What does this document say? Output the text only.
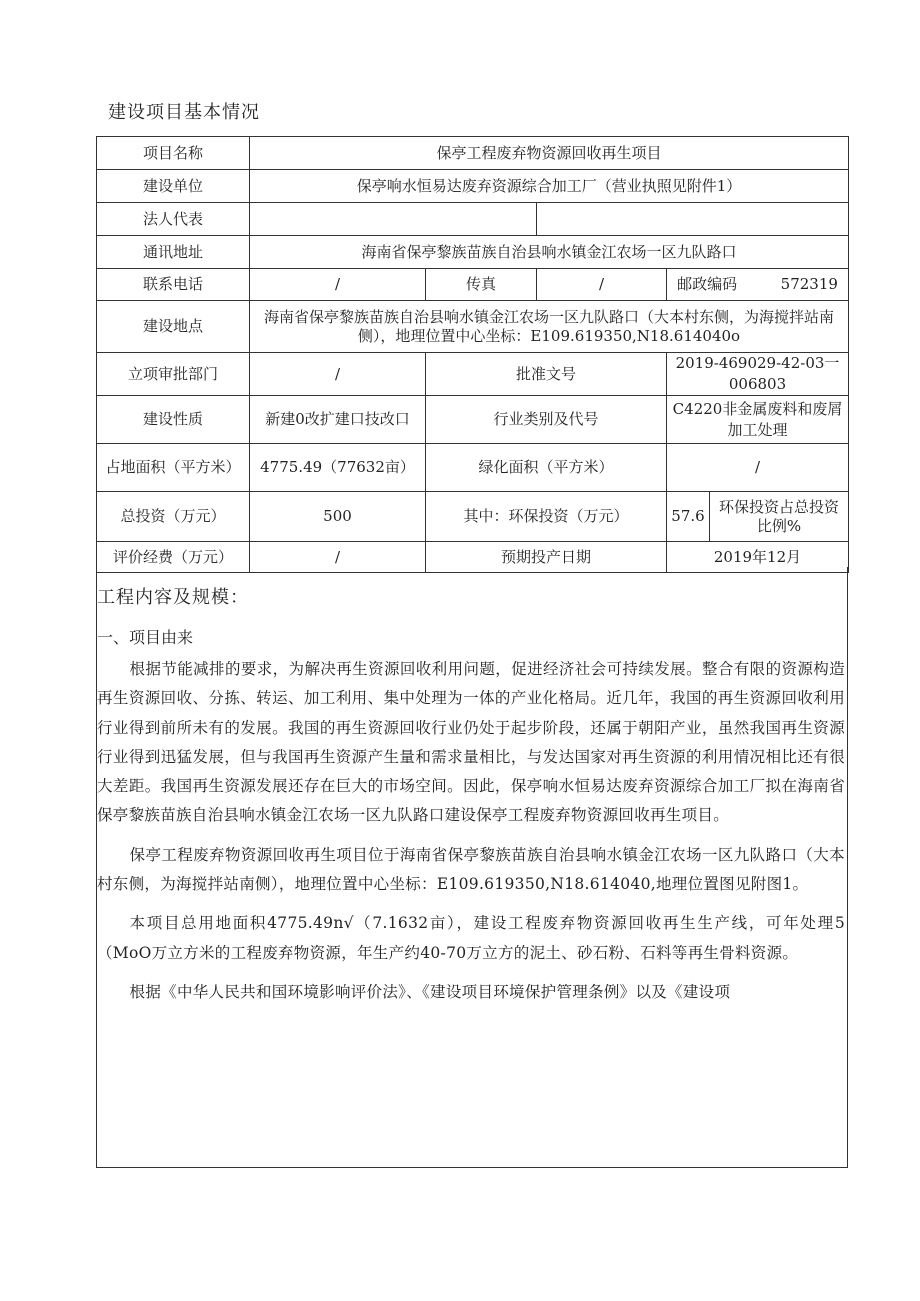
建设项目基本情况
项目名称	保亭工程废弃物资源回收再生项目				
建设单位	保亭响水恒易达废弃资源综合加工厂（营业执照见附件1）				
法人代表					
通讯地址	海南省保亭黎族苗族自治县响水镇金江农场一区九队路口				
联系电话	/	传真	/	邮政编码 572319	
建设地点	海南省保亭黎族苗族自治县响水镇金江农场一区九队路口（大本村东侧，为海搅拌站南侧），地理位置中心坐标：E109.619350,N18.614040o				
立项审批部门	/	批准文号		2019-469029-42-03一006803	
建设性质	新建0改扩建口技改口	行业类别及代号		C4220非金属废料和废屑加工处理	
占地面积（平方米）	4775.49（77632亩）	绿化面积（平方米）		/	
总投资（万元）	500	其中：环保投资（万元）		57.6	环保投资占总投资比例%
评价经费（万元）	/	预期投产日期		2019年12月	
工程内容及规模：
一、项目由来

根据节能减排的要求，为解决再生资源回收利用问题，促进经济社会可持续发展。整合有限的资源构造再生资源回收、分拣、转运、加工利用、集中处理为一体的产业化格局。近几年，我国的再生资源回收利用行业得到前所未有的发展。我国的再生资源回收行业仍处于起步阶段，还属于朝阳产业，虽然我国再生资源行业得到迅猛发展，但与我国再生资源产生量和需求量相比，与发达国家对再生资源的利用情况相比还有很大差距。我国再生资源发展还存在巨大的市场空间。因此，保亭响水恒易达废弃资源综合加工厂拟在海南省保亭黎族苗族自治县响水镇金江农场一区九队路口建设保亭工程废弃物资源回收再生项目。

保亭工程废弃物资源回收再生项目位于海南省保亭黎族苗族自治县响水镇金江农场一区九队路口（大本村东侧，为海搅拌站南侧），地理位置中心坐标：E109.619350,N18.614040,地理位置图见附图1。

本项目总用地面积4775.49n√（7.1632亩），建设工程废弃物资源回收再生生产线，可年处理5（MoO万立方米的工程废弃物资源，年生产约40-70万立方的泥土、砂石粉、石料等再生骨料资源。

根据《中华人民共和国环境影响评价法》、《建设项目环境保护管理条例》以及《建设项
